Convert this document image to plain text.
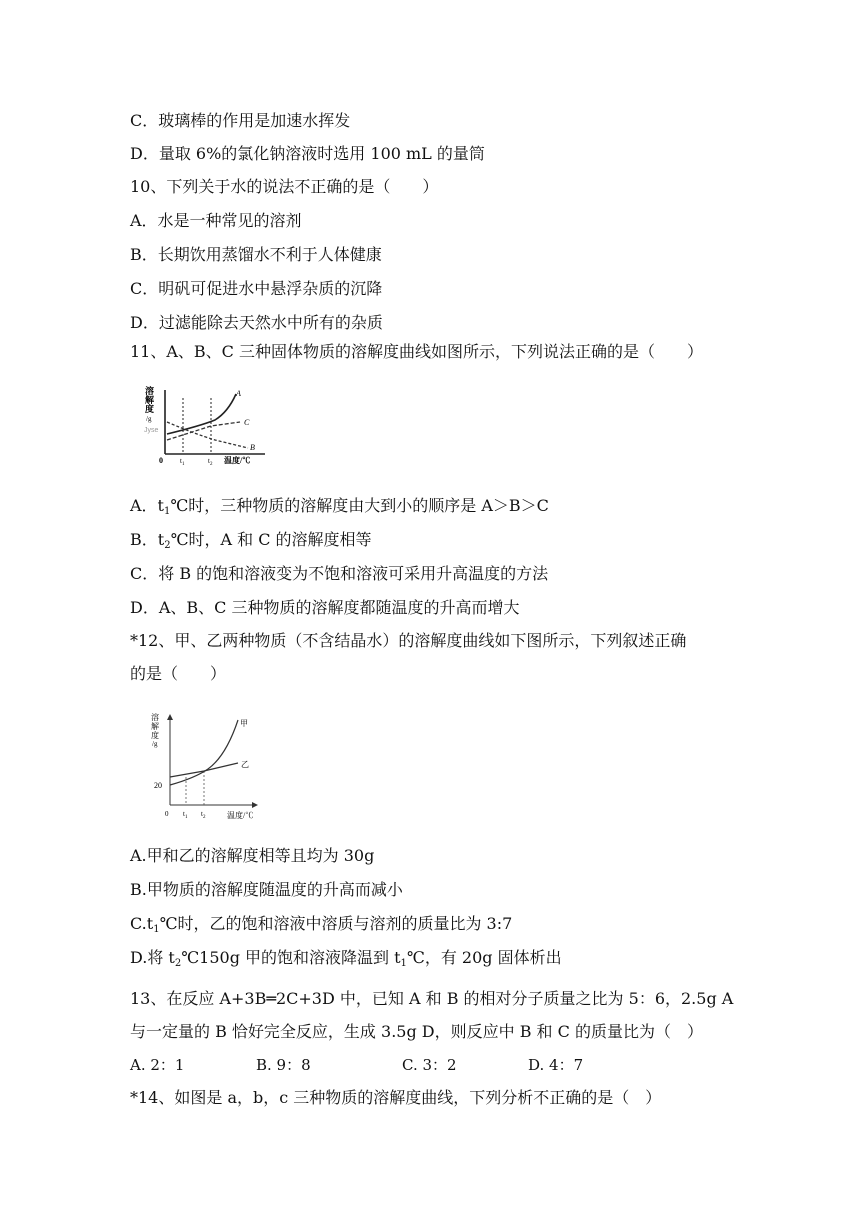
C．玻璃棒的作用是加速水挥发
D．量取 6%的氯化钠溶液时选用 100 mL 的量筒
10、下列关于水的说法不正确的是（　　）
A．水是一种常见的溶剂
B．长期饮用蒸馏水不利于人体健康
C．明矾可促进水中悬浮杂质的沉降
D．过滤能除去天然水中所有的杂质
11、A、B、C 三种固体物质的溶解度曲线如图所示，下列说法正确的是（　　）
溶
解
度
/g
Jyse
0 $t_1$	$t_2$ 温度/℃
A
C
B
A．$t_1℃$时，三种物质的溶解度由大到小的顺序是 A＞B＞C
B．$t_2℃$时，A 和 C 的溶解度相等
C．将 B 的饱和溶液变为不饱和溶液可采用升高温度的方法
D．A、B、C 三种物质的溶解度都随温度的升高而增大
*12、甲、乙两种物质（不含结晶水）的溶解度曲线如下图所示，下列叙述正确
的是（　　）
溶
解
度
/g
20
0 $t_1$ $t_2$	温度/℃
甲
乙
A.甲和乙的溶解度相等且均为 30g
B.甲物质的溶解度随温度的升高而减小
$C.t_1℃$时，乙的饱和溶液中溶质与溶剂的质量比为 3:7
D.将 $t_2℃150g$ 甲的饱和溶液降温到 $t_1℃$，有 20g 固体析出
13、在反应 A+3B═2C+3D 中，已知 A 和 B 的相对分子质量之比为 5：6，2.5g A
与一定量的 B 恰好完全反应，生成 3.5g D，则反应中 B 和 C 的质量比为（　）
A. 2：1	B. 9：8	C. 3：2	D. 4：7
*14、如图是 a，b，c 三种物质的溶解度曲线，下列分析不正确的是（　）
